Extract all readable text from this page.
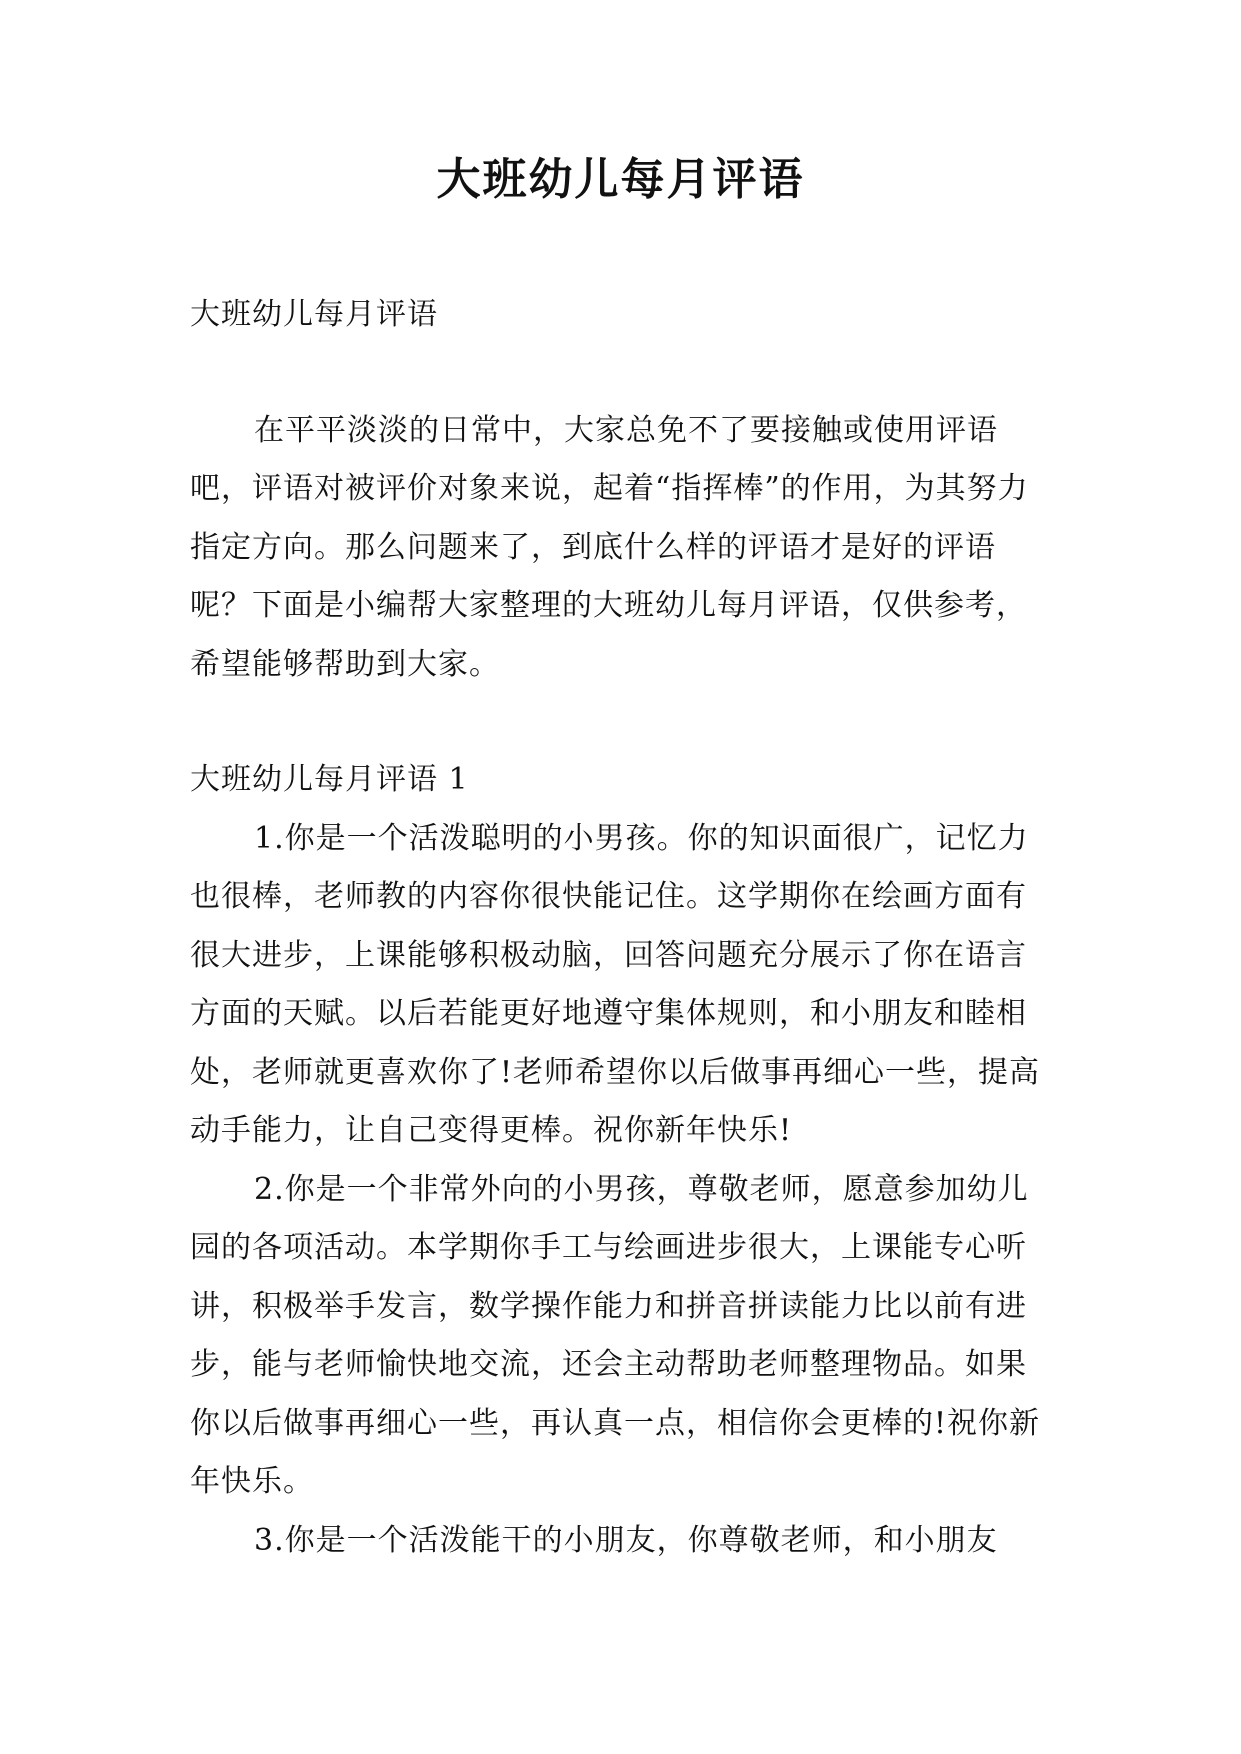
大班幼儿每月评语

大班幼儿每月评语

在平平淡淡的日常中，大家总免不了要接触或使用评语吧，评语对被评价对象来说，起着“指挥棒”的作用，为其努力指定方向。那么问题来了，到底什么样的评语才是好的评语呢？下面是小编帮大家整理的大班幼儿每月评语，仅供参考，希望能够帮助到大家。

大班幼儿每月评语 1

1.你是一个活泼聪明的小男孩。你的知识面很广，记忆力也很棒，老师教的内容你很快能记住。这学期你在绘画方面有很大进步，上课能够积极动脑，回答问题充分展示了你在语言方面的天赋。以后若能更好地遵守集体规则，和小朋友和睦相处，老师就更喜欢你了!老师希望你以后做事再细心一些，提高动手能力，让自己变得更棒。祝你新年快乐!

2.你是一个非常外向的小男孩，尊敬老师，愿意参加幼儿园的各项活动。本学期你手工与绘画进步很大，上课能专心听讲，积极举手发言，数学操作能力和拼音拼读能力比以前有进步，能与老师愉快地交流，还会主动帮助老师整理物品。如果你以后做事再细心一些，再认真一点，相信你会更棒的!祝你新年快乐。

3.你是一个活泼能干的小朋友，你尊敬老师，和小朋友
